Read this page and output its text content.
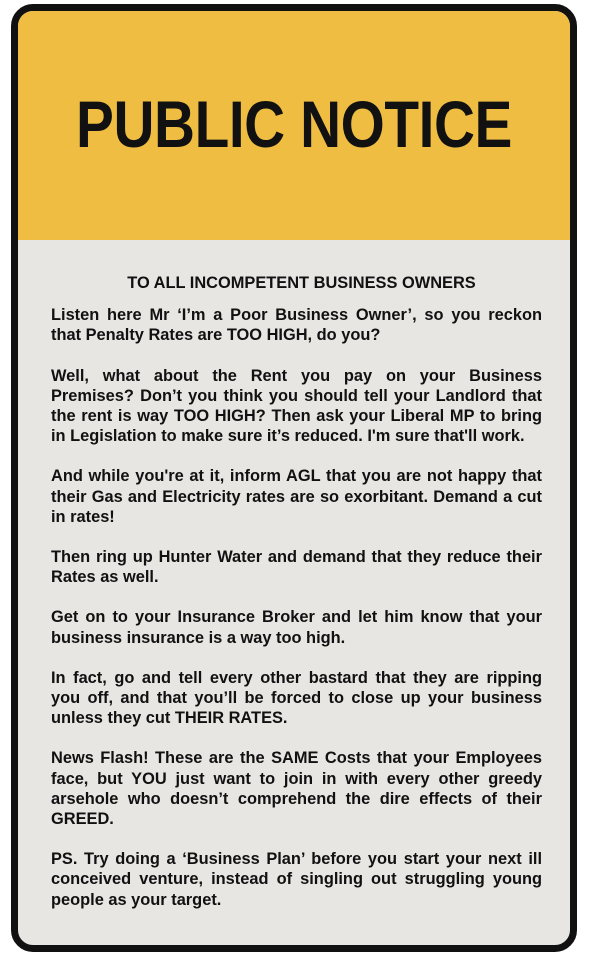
PUBLIC NOTICE
TO ALL INCOMPETENT BUSINESS OWNERS

Listen here Mr ‘I’m a Poor Business Owner’, so you reckon that Penalty Rates are TOO HIGH, do you?

Well, what about the Rent you pay on your Business Premises? Don’t you think you should tell your Landlord that the rent is way TOO HIGH? Then ask your Liberal MP to bring in Legislation to make sure it’s reduced. I'm sure that'll work.

And while you're at it, inform AGL that you are not happy that their Gas and Electricity rates are so exorbitant. Demand a cut in rates!

Then ring up Hunter Water and demand that they reduce their Rates as well.

Get on to your Insurance Broker and let him know that your business insurance is a way too high.

In fact, go and tell every other bastard that they are ripping you off, and that you’ll be forced to close up your business unless they cut THEIR RATES.

News Flash! These are the SAME Costs that your Employees face, but YOU just want to join in with every other greedy arsehole who doesn’t comprehend the dire effects of their GREED.

PS. Try doing a ‘Business Plan’ before you start your next ill conceived venture, instead of singling out struggling young people as your target.
